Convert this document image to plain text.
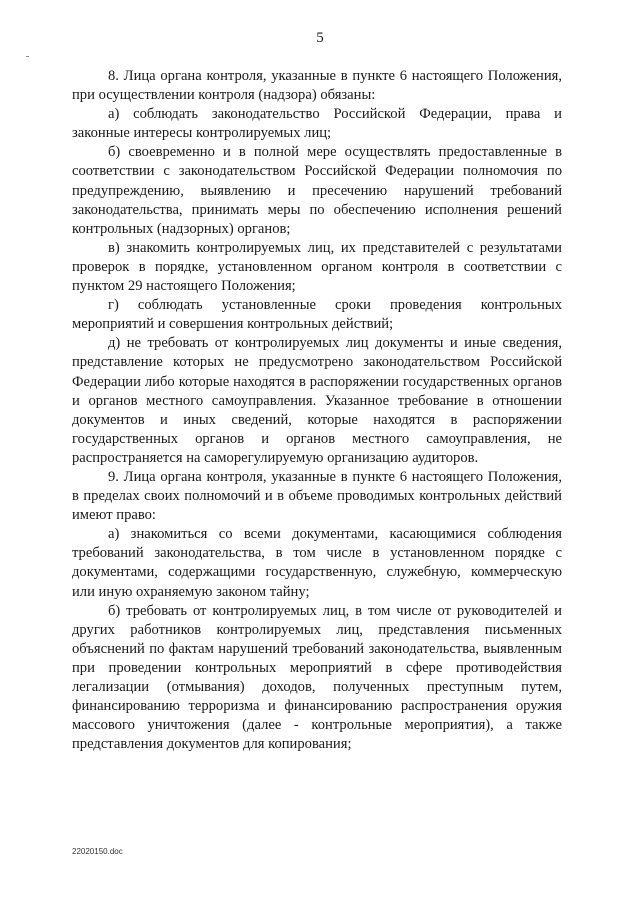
5

8. Лица органа контроля, указанные в пункте 6 настоящего Положения, при осуществлении контроля (надзора) обязаны:

а) соблюдать законодательство Российской Федерации, права и законные интересы контролируемых лиц;

б) своевременно и в полной мере осуществлять предоставленные в соответствии с законодательством Российской Федерации полномочия по предупреждению, выявлению и пресечению нарушений требований законодательства, принимать меры по обеспечению исполнения решений контрольных (надзорных) органов;

в) знакомить контролируемых лиц, их представителей с результатами проверок в порядке, установленном органом контроля в соответствии с пунктом 29 настоящего Положения;

г) соблюдать установленные сроки проведения контрольных мероприятий и совершения контрольных действий;

д) не требовать от контролируемых лиц документы и иные сведения, представление которых не предусмотрено законодательством Российской Федерации либо которые находятся в распоряжении государственных органов и органов местного самоуправления. Указанное требование в отношении документов и иных сведений, которые находятся в распоряжении государственных органов и органов местного самоуправления, не распространяется на саморегулируемую организацию аудиторов.

9. Лица органа контроля, указанные в пункте 6 настоящего Положения, в пределах своих полномочий и в объеме проводимых контрольных действий имеют право:

а) знакомиться со всеми документами, касающимися соблюдения требований законодательства, в том числе в установленном порядке с документами, содержащими государственную, служебную, коммерческую или иную охраняемую законом тайну;

б) требовать от контролируемых лиц, в том числе от руководителей и других работников контролируемых лиц, представления письменных объяснений по фактам нарушений требований законодательства, выявленным при проведении контрольных мероприятий в сфере противодействия легализации (отмывания) доходов, полученных преступным путем, финансированию терроризма и финансированию распространения оружия массового уничтожения (далее - контрольные мероприятия), а также представления документов для копирования;

22020150.doc
